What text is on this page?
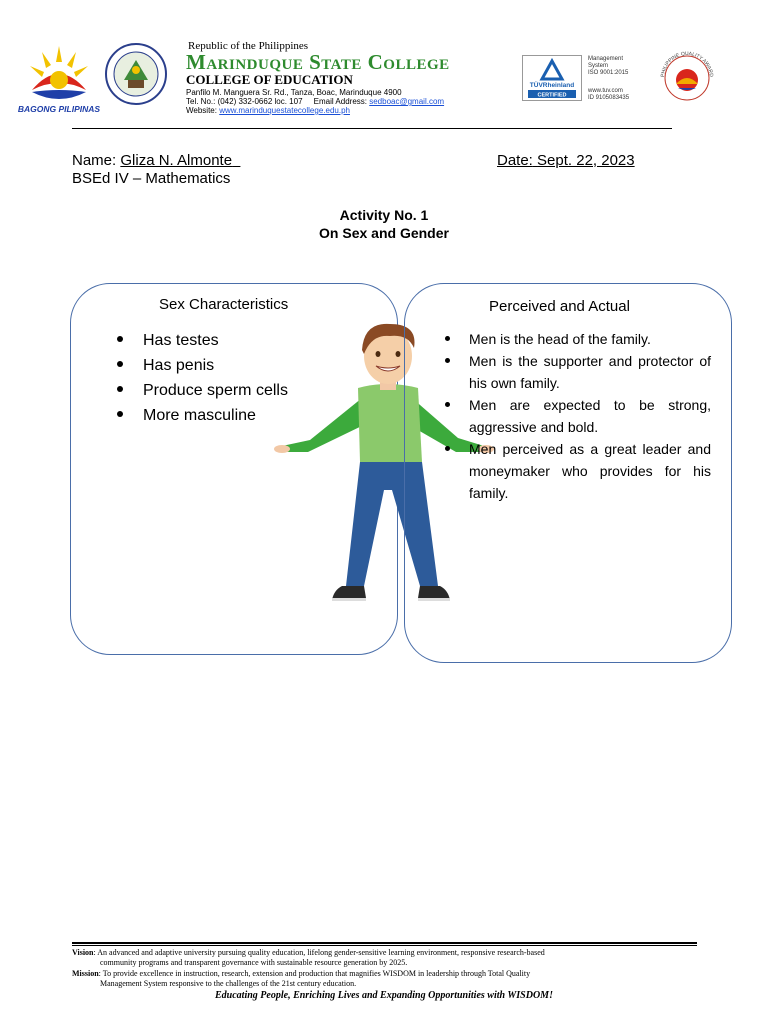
BAGONG PILIPINAS
Republic of the Philippines
Marinduque State College
COLLEGE OF EDUCATION
Panfilo M. Manguera Sr. Rd., Tanza, Boac, Marinduque 4900
Tel. No.: (042) 332-0662 loc. 107 Email Address: sedboac@gmail.com
Website: www.marinduquestatecollege.edu.ph
TÜVRheinland
CERTIFIED
Management
System
ISO 9001:2015
www.tuv.com
ID 9105083435
PHILIPPINE QUALITY AWARD
Name: Gliza N. Almonte	Date: Sept. 22, 2023
BSEd IV – Mathematics
Activity No. 1
On Sex and Gender
Sex Characteristics
Has testes
Has penis
Produce sperm cells
More masculine
Perceived and Actual
Men is the head of the family.
Men is the supporter and protector of his own family.
Men are expected to be strong, aggressive and bold.
Men perceived as a great leader and moneymaker who provides for his family.
Vision: An advanced and adaptive university pursuing quality education, lifelong gender-sensitive learning environment, responsive research-based
community programs and transparent governance with sustainable resource generation by 2025.
Mission: To provide excellence in instruction, research, extension and production that magnifies WISDOM in leadership through Total Quality
Management System responsive to the challenges of the 21st century education.
Educating People, Enriching Lives and Expanding Opportunities with WISDOM!
